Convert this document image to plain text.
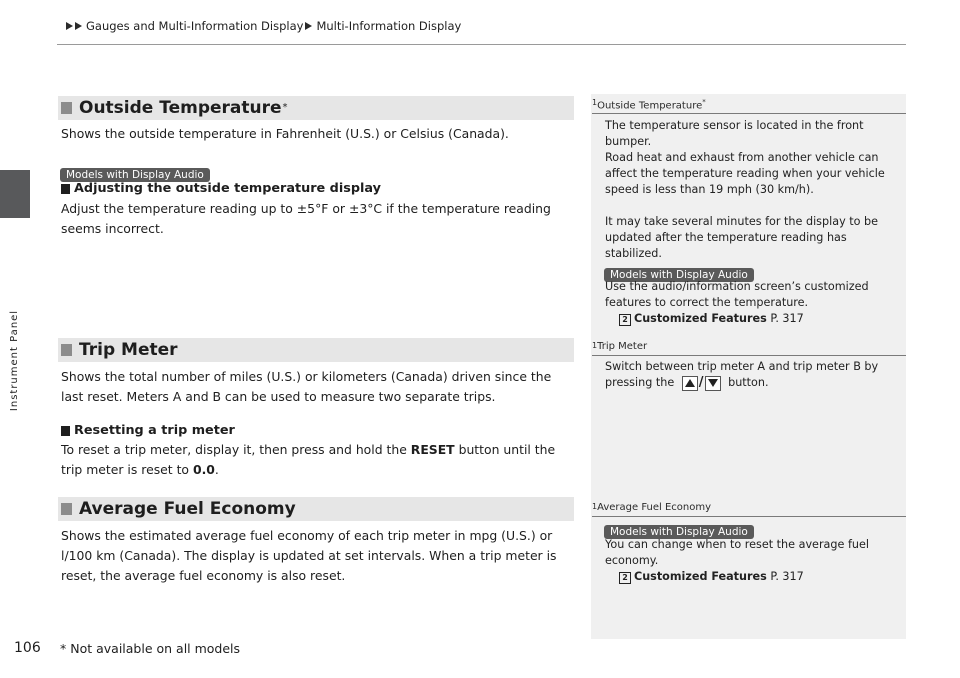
Gauges and Multi-Information Display Multi-Information Display
Instrument Panel
Outside Temperature *
Shows the outside temperature in Fahrenheit (U.S.) or Celsius (Canada).
Models with Display Audio
Adjusting the outside temperature display
Adjust the temperature reading up to ±5°F or ±3°C if the temperature reading seems incorrect.
Trip Meter
Shows the total number of miles (U.S.) or kilometers (Canada) driven since the last reset. Meters A and B can be used to measure two separate trips.
Resetting a trip meter
To reset a trip meter, display it, then press and hold the RESET button until the trip meter is reset to 0.0.
Average Fuel Economy
Shows the estimated average fuel economy of each trip meter in mpg (U.S.) or l/100 km (Canada). The display is updated at set intervals. When a trip meter is reset, the average fuel economy is also reset.
$^1$Outside Temperature*
The temperature sensor is located in the front bumper.
Road heat and exhaust from another vehicle can affect the temperature reading when your vehicle speed is less than 19 mph (30 km/h).
It may take several minutes for the display to be updated after the temperature reading has stabilized.
Models with Display Audio
Use the audio/information screen’s customized features to correct the temperature.
2 Customized Features P. 317
$^1$Trip Meter
Switch between trip meter A and trip meter B by pressing the / button.
$^1$Average Fuel Economy
Models with Display Audio
You can change when to reset the average fuel economy.
2 Customized Features P. 317
106 * Not available on all models
